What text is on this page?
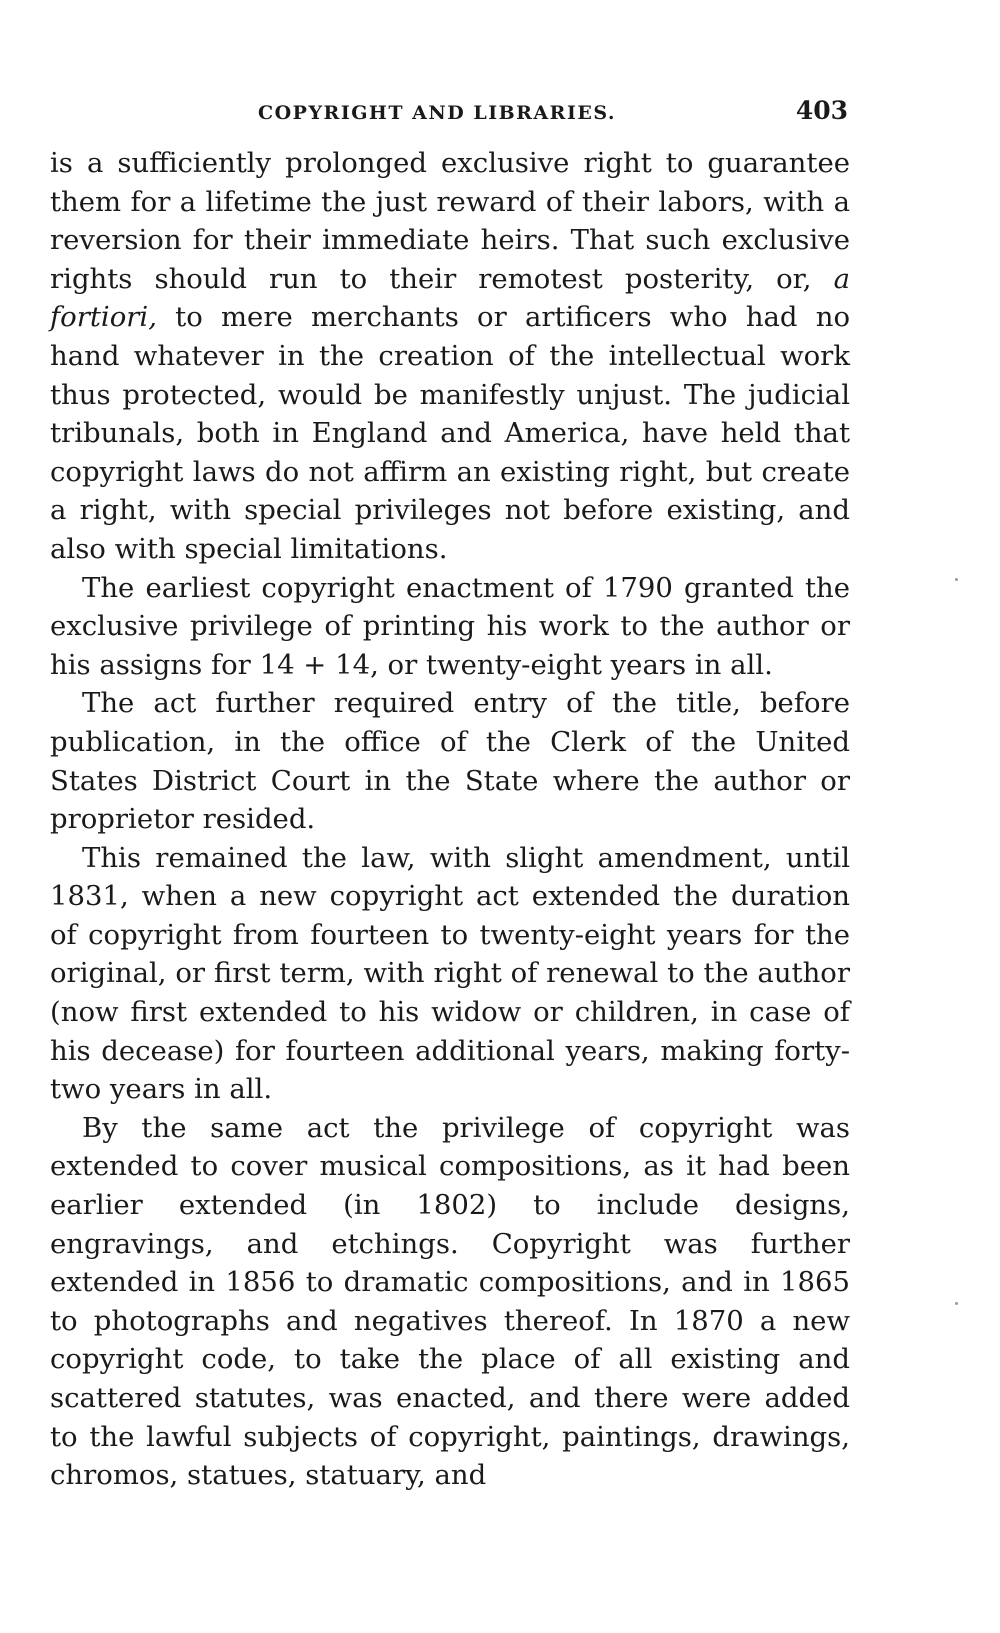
COPYRIGHT AND LIBRARIES.	403

is a sufficiently prolonged exclusive right to guarantee them for a lifetime the just reward of their labors, with a reversion for their immediate heirs. That such exclusive rights should run to their remotest posterity, or, a fortiori, to mere merchants or artificers who had no hand whatever in the creation of the intellectual work thus protected, would be manifestly unjust. The judicial tribunals, both in England and America, have held that copyright laws do not affirm an existing right, but create a right, with special privileges not before existing, and also with special limitations.

The earliest copyright enactment of 1790 granted the exclusive privilege of printing his work to the author or his assigns for 14 + 14, or twenty-eight years in all.

The act further required entry of the title, before publication, in the office of the Clerk of the United States District Court in the State where the author or proprietor resided.

This remained the law, with slight amendment, until 1831, when a new copyright act extended the duration of copyright from fourteen to twenty-eight years for the original, or first term, with right of renewal to the author (now first extended to his widow or children, in case of his decease) for fourteen additional years, making forty-two years in all.

By the same act the privilege of copyright was extended to cover musical compositions, as it had been earlier extended (in 1802) to include designs, engravings, and etchings. Copyright was further extended in 1856 to dramatic compositions, and in 1865 to photographs and negatives thereof. In 1870 a new copyright code, to take the place of all existing and scattered statutes, was enacted, and there were added to the lawful subjects of copyright, paintings, drawings, chromos, statues, statuary, and
